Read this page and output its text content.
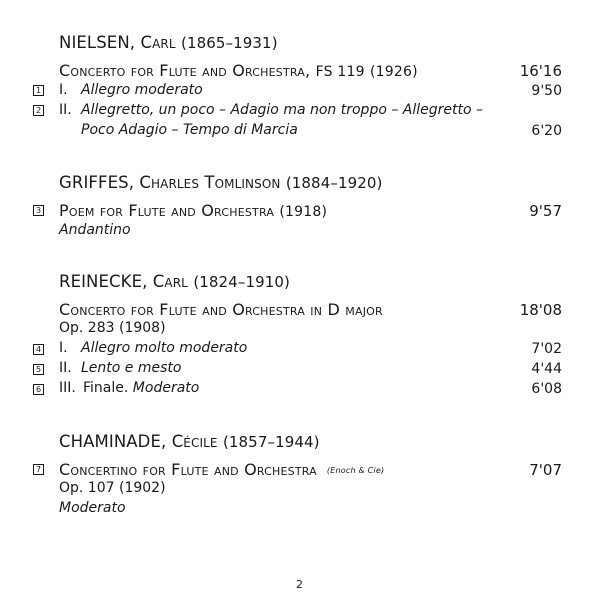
NIELSEN, Carl (1865–1931)
Concerto for Flute and Orchestra, FS 119 (1926)	16'16
1 I. Allegro moderato	9'50
2 II. Allegretto, un poco – Adagio ma non troppo – Allegretto –
Poco Adagio – Tempo di Marcia	6'20
GRIFFES, Charles Tomlinson (1884–1920)
3 Poem for Flute and Orchestra (1918)	9'57
Andantino
REINECKE, Carl (1824–1910)
Concerto for Flute and Orchestra in D major	18'08
Op. 283 (1908)
4 I. Allegro molto moderato	7'02
5 II. Lento e mesto	4'44
6 III. Finale. Moderato	6'08
CHAMINADE, Cécile (1857–1944)
7 Concertino for Flute and Orchestra (Enoch & Cie)	7'07
Op. 107 (1902)
Moderato
2
